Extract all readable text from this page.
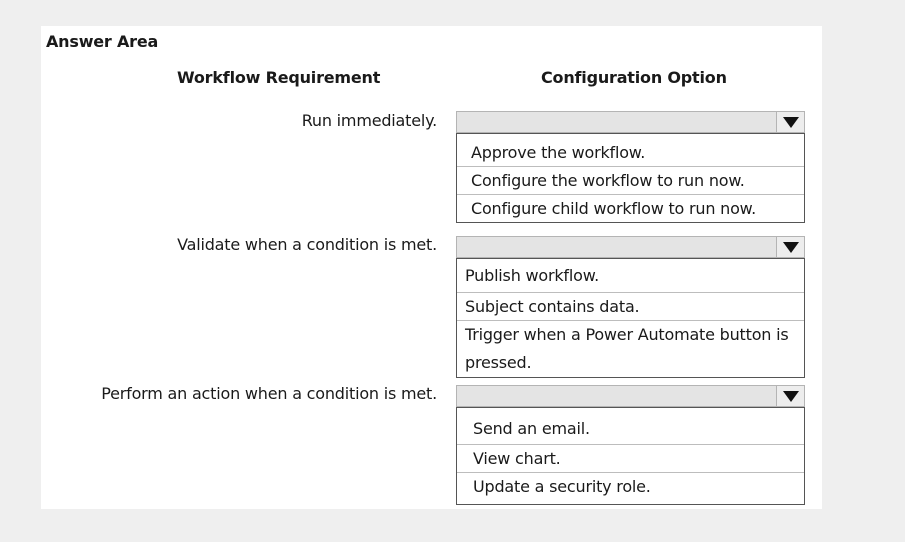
Answer Area
Workflow Requirement	Configuration Option
Run immediately.
Approve the workflow.
Configure the workflow to run now.
Configure child workflow to run now.
Validate when a condition is met.
Publish workflow.
Subject contains data.
Trigger when a Power Automate button is pressed.
Perform an action when a condition is met.
Send an email.
View chart.
Update a security role.
